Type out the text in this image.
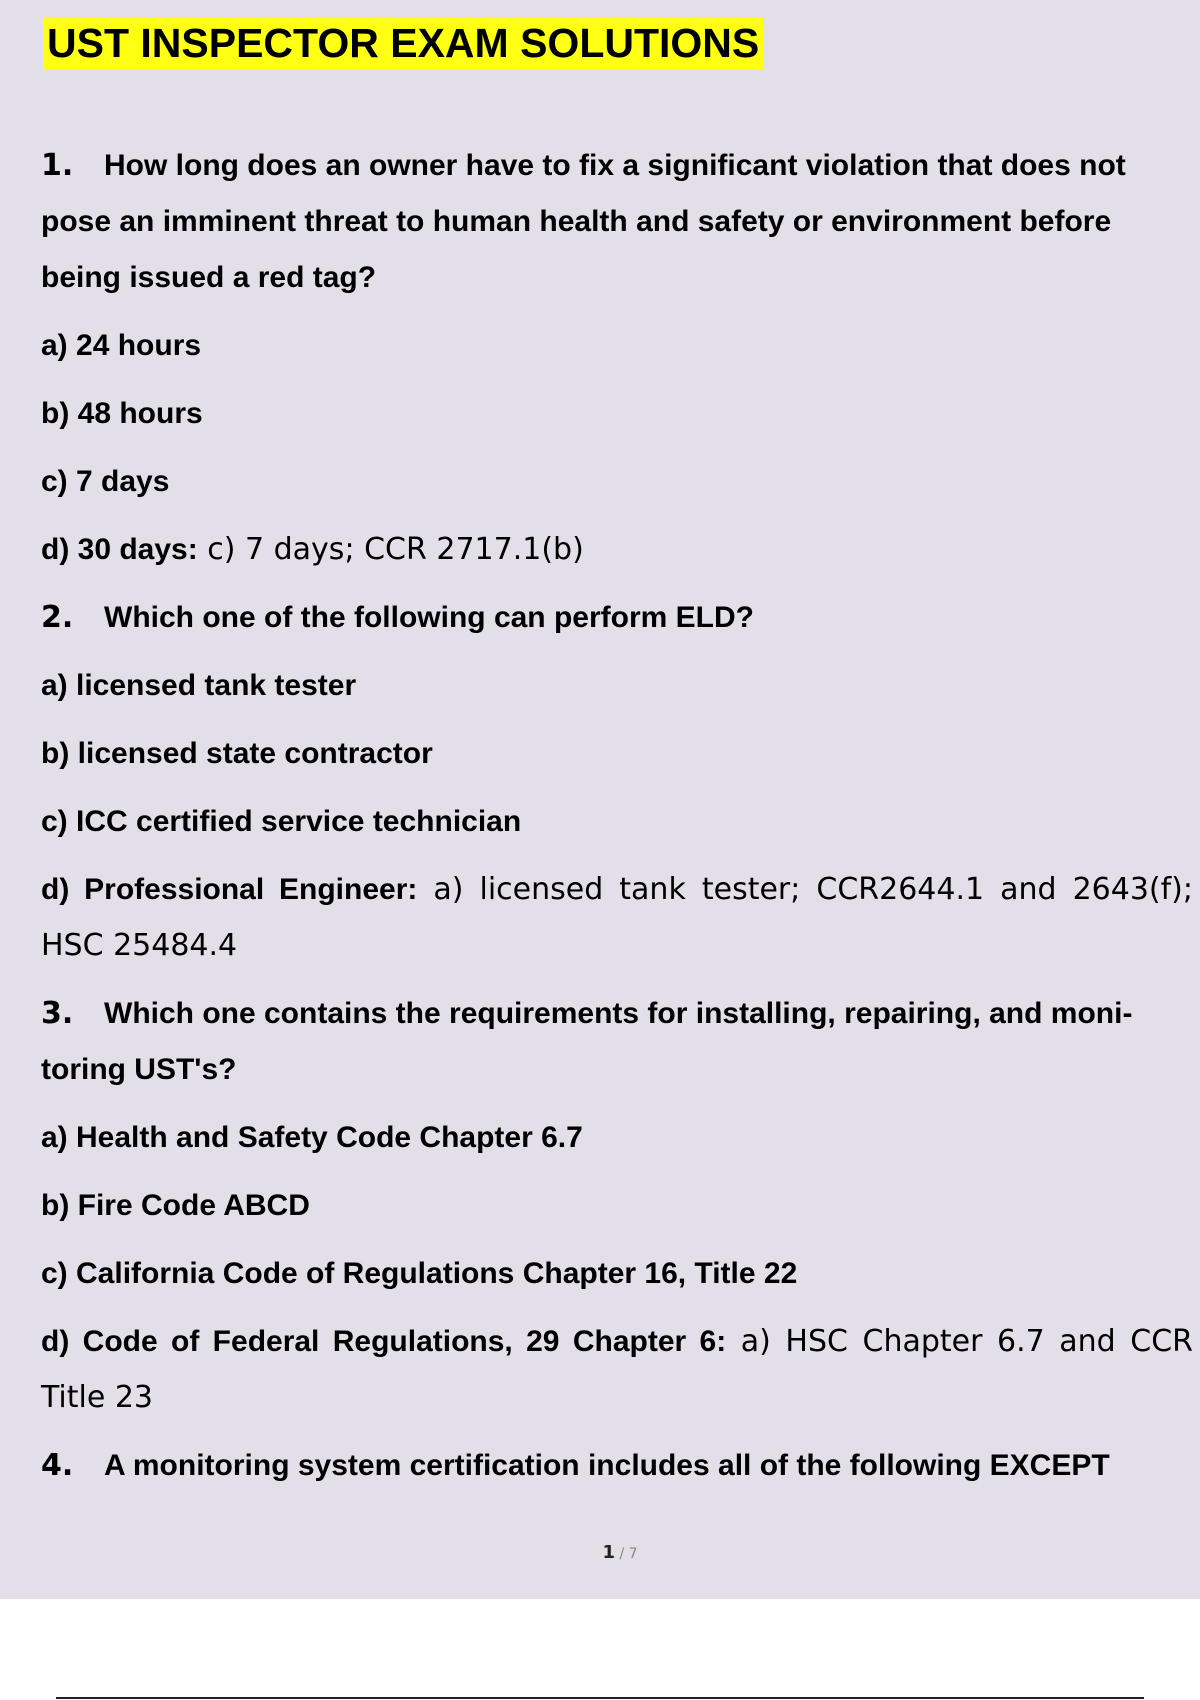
UST INSPECTOR EXAM SOLUTIONS

1. How long does an owner have to fix a significant violation that does not pose an imminent threat to human health and safety or environment before being issued a red tag?

a) 24 hours

b) 48 hours

c) 7 days

d) 30 days: c) 7 days; CCR 2717.1(b)

2. Which one of the following can perform ELD?

a) licensed tank tester

b) licensed state contractor

c) ICC certified service technician

d) Professional Engineer: a) licensed tank tester; CCR2644.1 and 2643(f); HSC 25484.4

3. Which one contains the requirements for installing, repairing, and moni- toring UST's?

a) Health and Safety Code Chapter 6.7

b) Fire Code ABCD

c) California Code of Regulations Chapter 16, Title 22

d) Code of Federal Regulations, 29 Chapter 6: a) HSC Chapter 6.7 and CCR Title 23

4. A monitoring system certification includes all of the following EXCEPT

1 / 7
